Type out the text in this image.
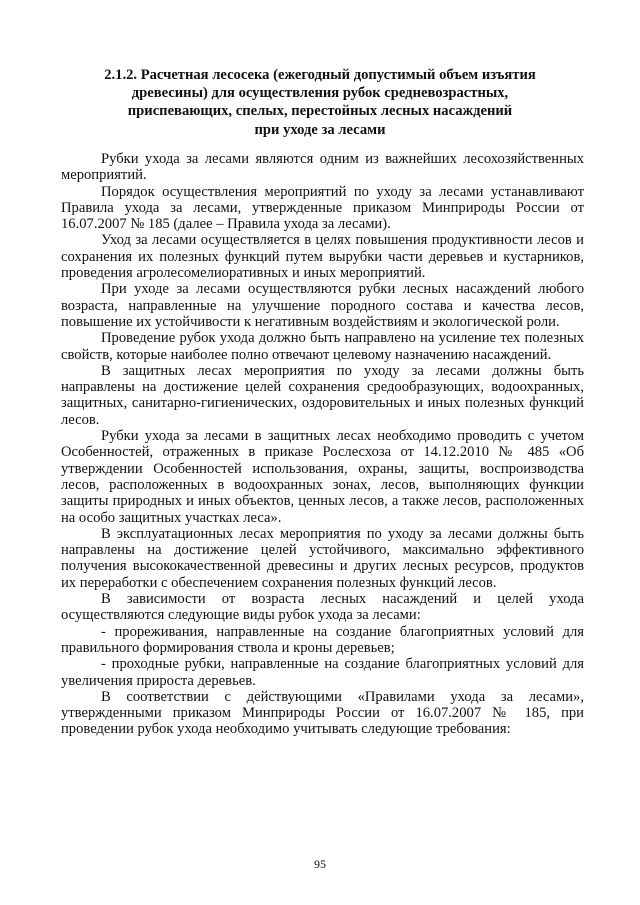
2.1.2. Расчетная лесосека (ежегодный допустимый объем изъятия
древесины) для осуществления рубок средневозрастных,
приспевающих, спелых, перестойных лесных насаждений
при уходе за лесами

Рубки ухода за лесами являются одним из важнейших лесохозяйственных мероприятий.

Порядок осуществления мероприятий по уходу за лесами устанавливают Правила ухода за лесами, утвержденные приказом Минприроды России от 16.07.2007 № 185 (далее – Правила ухода за лесами).

Уход за лесами осуществляется в целях повышения продуктивности лесов и сохранения их полезных функций путем вырубки части деревьев и кустарников, проведения агролесомелиоративных и иных мероприятий.

При уходе за лесами осуществляются рубки лесных насаждений любого возраста, направленные на улучшение породного состава и качества лесов, повышение их устойчивости к негативным воздействиям и экологической роли.

Проведение рубок ухода должно быть направлено на усиление тех полезных свойств, которые наиболее полно отвечают целевому назначению насаждений.

В защитных лесах мероприятия по уходу за лесами должны быть направлены на достижение целей сохранения средообразующих, водоохранных, защитных, санитарно-гигиенических, оздоровительных и иных полезных функций лесов.

Рубки ухода за лесами в защитных лесах необходимо проводить с учетом Особенностей, отраженных в приказе Рослесхоза от 14.12.2010 № 485 «Об утверждении Особенностей использования, охраны, защиты, воспроизводства лесов, расположенных в водоохранных зонах, лесов, выполняющих функции защиты природных и иных объектов, ценных лесов, а также лесов, расположенных на особо защитных участках леса».

В эксплуатационных лесах мероприятия по уходу за лесами должны быть направлены на достижение целей устойчивого, максимально эффективного получения высококачественной древесины и других лесных ресурсов, продуктов их переработки с обеспечением сохранения полезных функций лесов.

В зависимости от возраста лесных насаждений и целей ухода осуществляются следующие виды рубок ухода за лесами:

- прореживания, направленные на создание благоприятных условий для правильного формирования ствола и кроны деревьев;

- проходные рубки, направленные на создание благоприятных условий для увеличения прироста деревьев.

В соответствии с действующими «Правилами ухода за лесами», утвержденными приказом Минприроды России от 16.07.2007 № 185, при проведении рубок ухода необходимо учитывать следующие требования:

95
